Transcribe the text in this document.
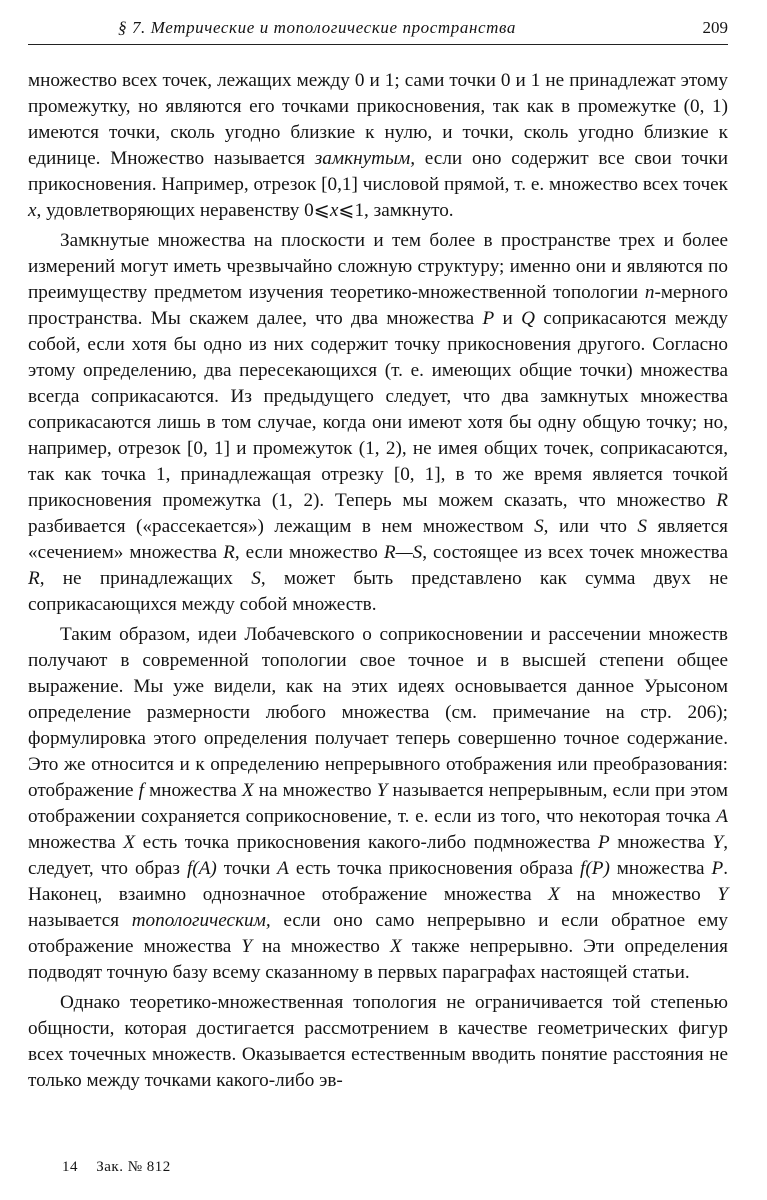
§ 7. Метрические и топологические пространства	209

множество всех точек, лежащих между 0 и 1; сами точки 0 и 1 не принадлежат этому промежутку, но являются его точками прикосновения, так как в промежутке (0, 1) имеются точки, сколь угодно близкие к нулю, и точки, сколь угодно близкие к единице. Множество называется замкнутым, если оно содержит все свои точки прикосновения. Например, отрезок [0,1] числовой прямой, т. е. множество всех точек x, удовлетворяющих неравенству 0⩽x⩽1, замкнуто.

Замкнутые множества на плоскости и тем более в пространстве трех и более измерений могут иметь чрезвычайно сложную структуру; именно они и являются по преимуществу предметом изучения теоретико-множественной топологии n-мерного пространства. Мы скажем далее, что два множества P и Q соприкасаются между собой, если хотя бы одно из них содержит точку прикосновения другого. Согласно этому определению, два пересекающихся (т. е. имеющих общие точки) множества всегда соприкасаются. Из предыдущего следует, что два замкнутых множества соприкасаются лишь в том случае, когда они имеют хотя бы одну общую точку; но, например, отрезок [0, 1] и промежуток (1, 2), не имея общих точек, соприкасаются, так как точка 1, принадлежащая отрезку [0, 1], в то же время является точкой прикосновения промежутка (1, 2). Теперь мы можем сказать, что множество R разбивается («рассекается») лежащим в нем множеством S, или что S является «сечением» множества R, если множество R—S, состоящее из всех точек множества R, не принадлежащих S, может быть представлено как сумма двух не соприкасающихся между собой множеств.

Таким образом, идеи Лобачевского о соприкосновении и рассечении множеств получают в современной топологии свое точное и в высшей степени общее выражение. Мы уже видели, как на этих идеях основывается данное Урысоном определение размерности любого множества (см. примечание на стр. 206); формулировка этого определения получает теперь совершенно точное содержание. Это же относится и к определению непрерывного отображения или преобразования: отображение f множества X на множество Y называется непрерывным, если при этом отображении сохраняется соприкосновение, т. е. если из того, что некоторая точка A множества X есть точка прикосновения какого-либо подмножества P множества Y, следует, что образ f(A) точки A есть точка прикосновения образа f(P) множества P. Наконец, взаимно однозначное отображение множества X на множество Y называется топологическим, если оно само непрерывно и если обратное ему отображение множества Y на множество X также непрерывно. Эти определения подводят точную базу всему сказанному в первых параграфах настоящей статьи.

Однако теоретико-множественная топология не ограничивается той степенью общности, которая достигается рассмотрением в качестве геометрических фигур всех точечных множеств. Оказывается естественным вводить понятие расстояния не только между точками какого-либо эв-

14 Зак. № 812
